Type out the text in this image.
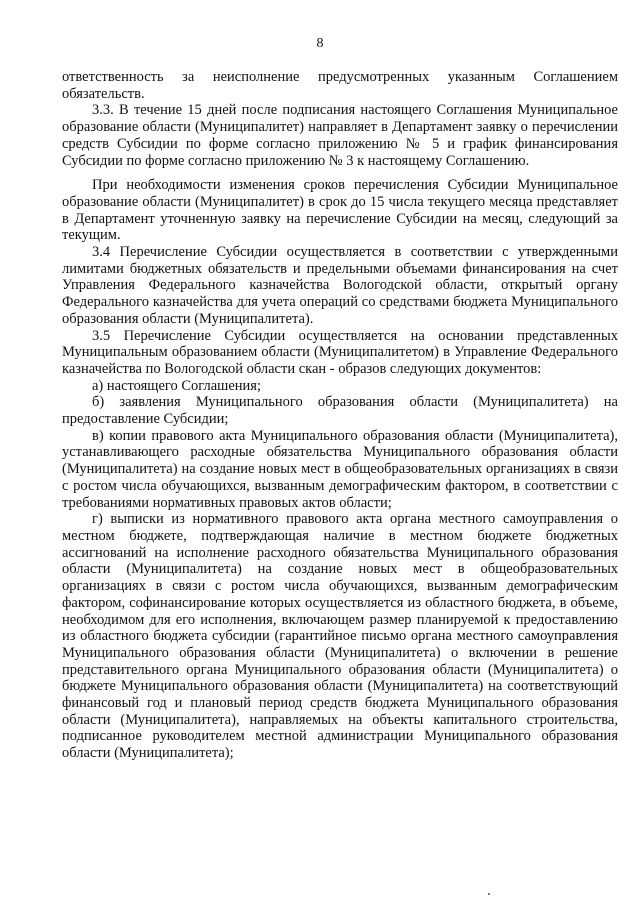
8

ответственность за неисполнение предусмотренных указанным Соглашением обязательств.

3.3. В течение 15 дней после подписания настоящего Соглашения Муниципальное образование области (Муниципалитет) направляет в Департамент заявку о перечислении средств Субсидии по форме согласно приложению № 5 и график финансирования Субсидии по форме согласно приложению № 3 к настоящему Соглашению.

При необходимости изменения сроков перечисления Субсидии Муниципальное образование области (Муниципалитет) в срок до 15 числа текущего месяца представляет в Департамент уточненную заявку на перечисление Субсидии на месяц, следующий за текущим.

3.4 Перечисление Субсидии осуществляется в соответствии с утвержденными лимитами бюджетных обязательств и предельными объемами финансирования на счет Управления Федерального казначейства Вологодской области, открытый органу Федерального казначейства для учета операций со средствами бюджета Муниципального образования области (Муниципалитета).

3.5 Перечисление Субсидии осуществляется на основании представленных Муниципальным образованием области (Муниципалитетом) в Управление Федерального казначейства по Вологодской области скан - образов следующих документов:

а) настоящего Соглашения;

б) заявления Муниципального образования области (Муниципалитета) на предоставление Субсидии;

в) копии правового акта Муниципального образования области (Муниципалитета), устанавливающего расходные обязательства Муниципального образования области (Муниципалитета) на создание новых мест в общеобразовательных организациях в связи с ростом числа обучающихся, вызванным демографическим фактором, в соответствии с требованиями нормативных правовых актов области;

г) выписки из нормативного правового акта органа местного самоуправления о местном бюджете, подтверждающая наличие в местном бюджете бюджетных ассигнований на исполнение расходного обязательства Муниципального образования области (Муниципалитета) на создание новых мест в общеобразовательных организациях в связи с ростом числа обучающихся, вызванным демографическим фактором, софинансирование которых осуществляется из областного бюджета, в объеме, необходимом для его исполнения, включающем размер планируемой к предоставлению из областного бюджета субсидии (гарантийное письмо органа местного самоуправления Муниципального образования области (Муниципалитета) о включении в решение представительного органа Муниципального образования области (Муниципалитета) о бюджете Муниципального образования области (Муниципалитета) на соответствующий финансовый год и плановый период средств бюджета Муниципального образования области (Муниципалитета), направляемых на объекты капитального строительства, подписанное руководителем местной администрации Муниципального образования области (Муниципалитета);
